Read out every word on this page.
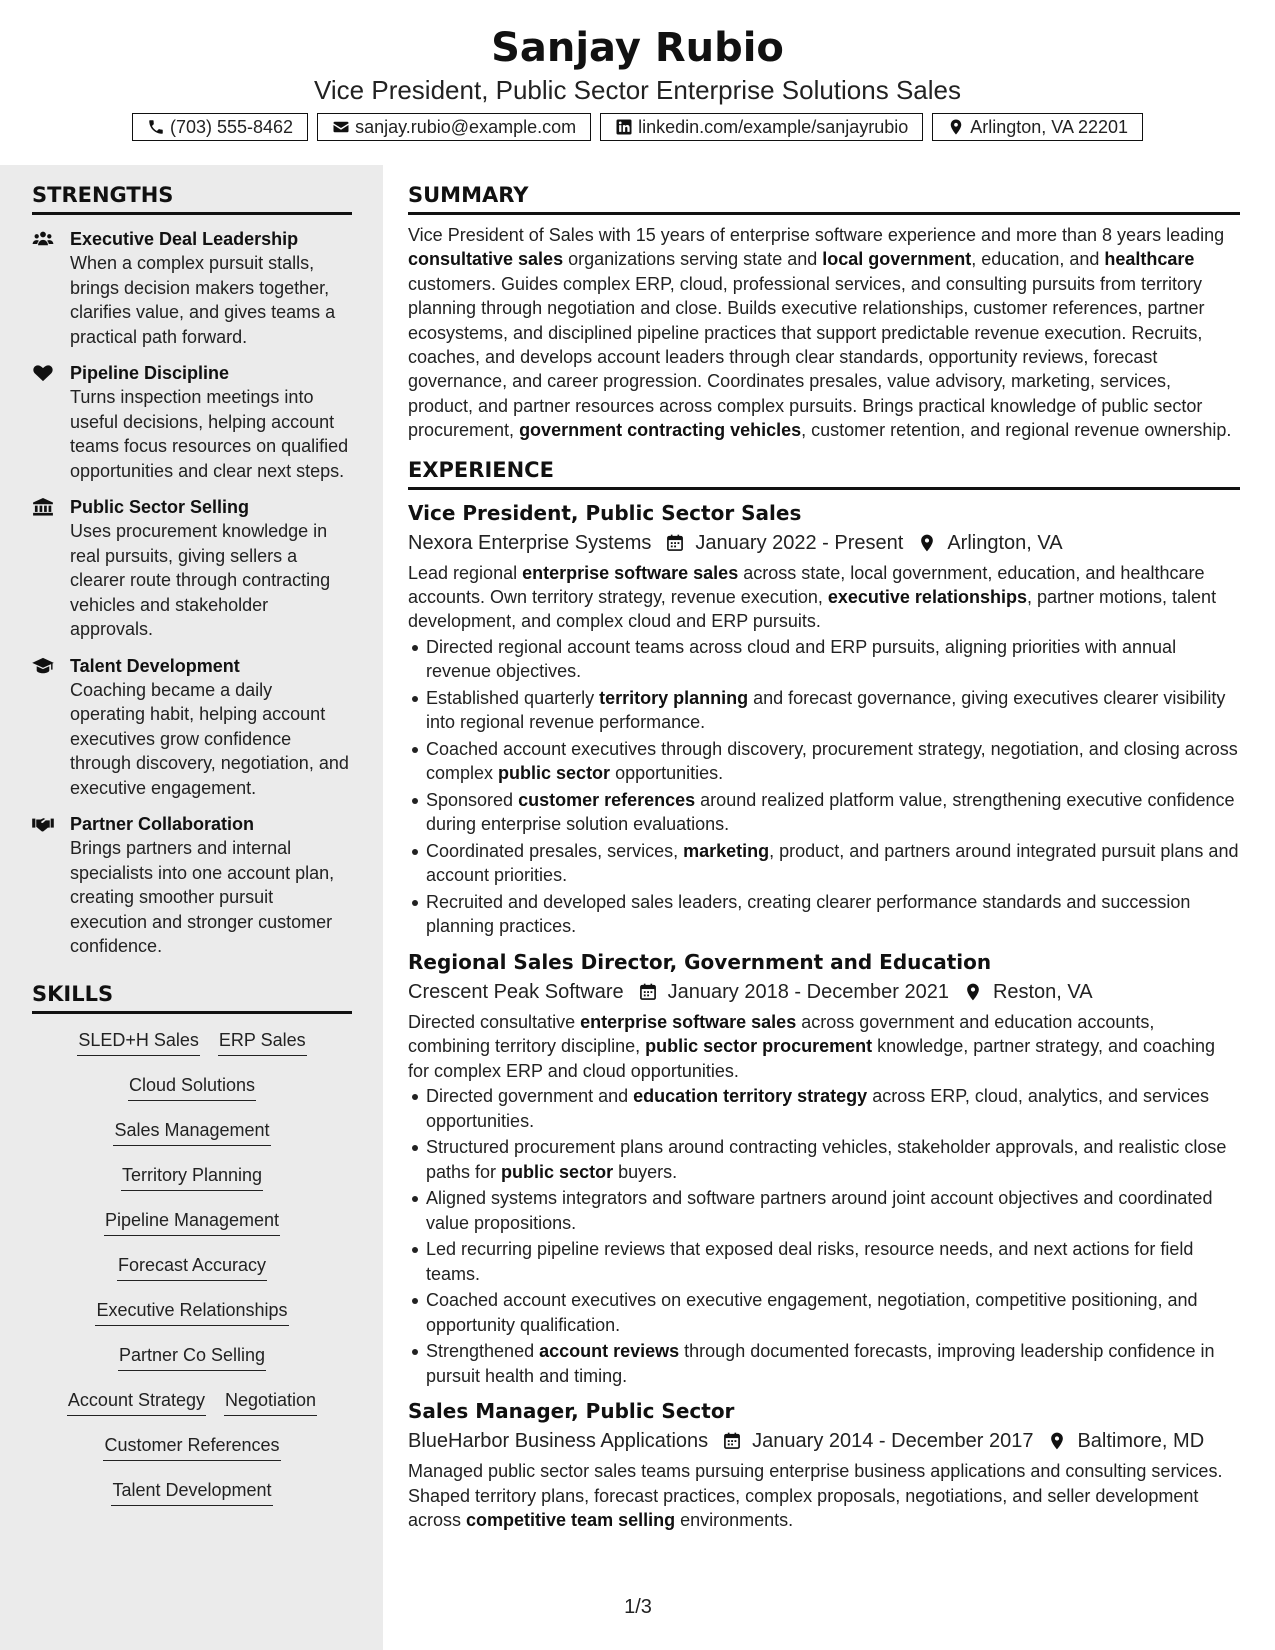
Sanjay Rubio
Vice President, Public Sector Enterprise Solutions Sales
(703) 555-8462	sanjay.rubio@example.com	linkedin.com/example/sanjayrubio	Arlington, VA 22201
STRENGTHS
Executive Deal Leadership
When a complex pursuit stalls, brings decision makers together, clarifies value, and gives teams a practical path forward.
Pipeline Discipline
Turns inspection meetings into useful decisions, helping account teams focus resources on qualified opportunities and clear next steps.
Public Sector Selling
Uses procurement knowledge in real pursuits, giving sellers a clearer route through contracting vehicles and stakeholder approvals.
Talent Development
Coaching became a daily operating habit, helping account executives grow confidence through discovery, negotiation, and executive engagement.
Partner Collaboration
Brings partners and internal specialists into one account plan, creating smoother pursuit execution and stronger customer confidence.
SKILLS
SLED+H Sales ERP Sales
Cloud Solutions
Sales Management
Territory Planning
Pipeline Management
Forecast Accuracy
Executive Relationships
Partner Co Selling
Account Strategy Negotiation
Customer References
Talent Development
SUMMARY
Vice President of Sales with 15 years of enterprise software experience and more than 8 years leading consultative sales organizations serving state and local government, education, and healthcare customers. Guides complex ERP, cloud, professional services, and consulting pursuits from territory planning through negotiation and close. Builds executive relationships, customer references, partner ecosystems, and disciplined pipeline practices that support predictable revenue execution. Recruits, coaches, and develops account leaders through clear standards, opportunity reviews, forecast governance, and career progression. Coordinates presales, value advisory, marketing, services, product, and partner resources across complex pursuits. Brings practical knowledge of public sector procurement, government contracting vehicles, customer retention, and regional revenue ownership.
EXPERIENCE
Vice President, Public Sector Sales
Nexora Enterprise Systems January 2022 - Present Arlington, VA
Lead regional enterprise software sales across state, local government, education, and healthcare accounts. Own territory strategy, revenue execution, executive relationships, partner motions, talent development, and complex cloud and ERP pursuits.
Directed regional account teams across cloud and ERP pursuits, aligning priorities with annual revenue objectives.
Established quarterly territory planning and forecast governance, giving executives clearer visibility into regional revenue performance.
Coached account executives through discovery, procurement strategy, negotiation, and closing across complex public sector opportunities.
Sponsored customer references around realized platform value, strengthening executive confidence during enterprise solution evaluations.
Coordinated presales, services, marketing, product, and partners around integrated pursuit plans and account priorities.
Recruited and developed sales leaders, creating clearer performance standards and succession planning practices.
Regional Sales Director, Government and Education
Crescent Peak Software January 2018 - December 2021 Reston, VA
Directed consultative enterprise software sales across government and education accounts, combining territory discipline, public sector procurement knowledge, partner strategy, and coaching for complex ERP and cloud opportunities.
Directed government and education territory strategy across ERP, cloud, analytics, and services opportunities.
Structured procurement plans around contracting vehicles, stakeholder approvals, and realistic close paths for public sector buyers.
Aligned systems integrators and software partners around joint account objectives and coordinated value propositions.
Led recurring pipeline reviews that exposed deal risks, resource needs, and next actions for field teams.
Coached account executives on executive engagement, negotiation, competitive positioning, and opportunity qualification.
Strengthened account reviews through documented forecasts, improving leadership confidence in pursuit health and timing.
Sales Manager, Public Sector
BlueHarbor Business Applications January 2014 - December 2017 Baltimore, MD
Managed public sector sales teams pursuing enterprise business applications and consulting services. Shaped territory plans, forecast practices, complex proposals, negotiations, and seller development across competitive team selling environments.
1/3
